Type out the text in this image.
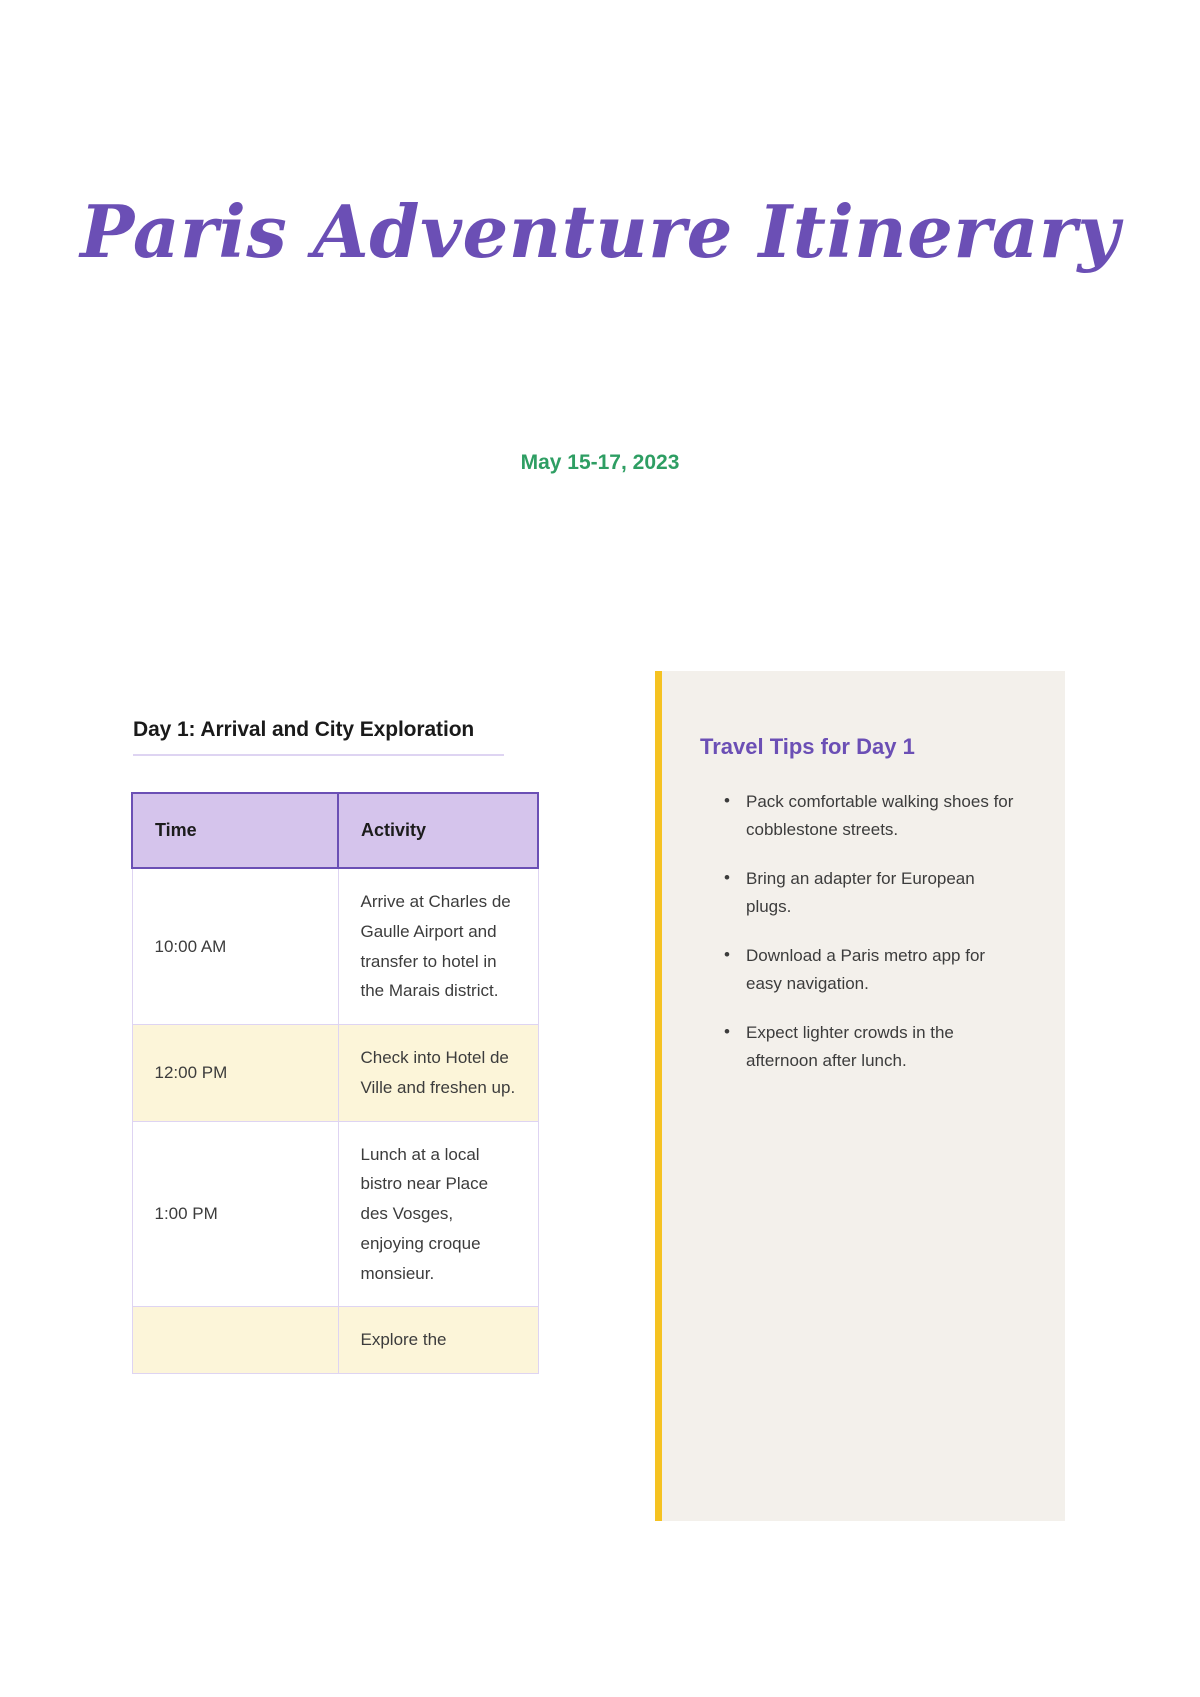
Paris Adventure Itinerary
May 15-17, 2023
Day 1: Arrival and City Exploration
Time	Activity
10:00 AM	Arrive at Charles de Gaulle Airport and transfer to hotel in the Marais district.
12:00 PM	Check into Hotel de Ville and freshen up.
1:00 PM	Lunch at a local bistro near Place des Vosges, enjoying croque monsieur.
	Explore the
Travel Tips for Day 1
• Pack comfortable walking shoes for cobblestone streets.
• Bring an adapter for European plugs.
• Download a Paris metro app for easy navigation.
• Expect lighter crowds in the afternoon after lunch.
